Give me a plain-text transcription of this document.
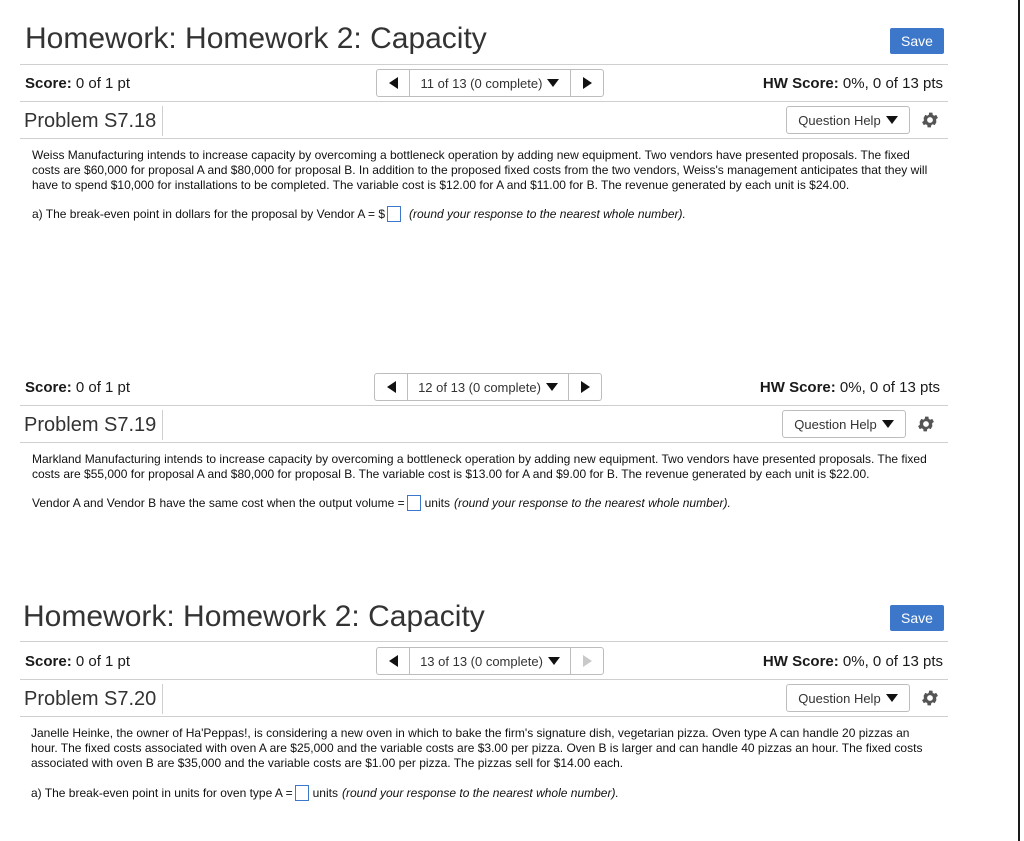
Homework: Homework 2: Capacity	Save
Score: 0 of 1 pt	11 of 13 (0 complete)	HW Score: 0%, 0 of 13 pts
Problem S7.18	Question Help
Weiss Manufacturing intends to increase capacity by overcoming a bottleneck operation by adding new equipment. Two vendors have presented proposals. The fixed costs are $60,000 for proposal A and $80,000 for proposal B. In addition to the proposed fixed costs from the two vendors, Weiss's management anticipates that they will have to spend $10,000 for installations to be completed. The variable cost is $12.00 for A and $11.00 for B. The revenue generated by each unit is $24.00.
a) The break-even point in dollars for the proposal by Vendor A = $ (round your response to the nearest whole number).
Score: 0 of 1 pt	12 of 13 (0 complete)	HW Score: 0%, 0 of 13 pts
Problem S7.19	Question Help
Markland Manufacturing intends to increase capacity by overcoming a bottleneck operation by adding new equipment. Two vendors have presented proposals. The fixed costs are $55,000 for proposal A and $80,000 for proposal B. The variable cost is $13.00 for A and $9.00 for B. The revenue generated by each unit is $22.00.
Vendor A and Vendor B have the same cost when the output volume = units (round your response to the nearest whole number).
Homework: Homework 2: Capacity	Save
Score: 0 of 1 pt	13 of 13 (0 complete)	HW Score: 0%, 0 of 13 pts
Problem S7.20	Question Help
Janelle Heinke, the owner of Ha'Peppas!, is considering a new oven in which to bake the firm's signature dish, vegetarian pizza. Oven type A can handle 20 pizzas an hour. The fixed costs associated with oven A are $25,000 and the variable costs are $3.00 per pizza. Oven B is larger and can handle 40 pizzas an hour. The fixed costs associated with oven B are $35,000 and the variable costs are $1.00 per pizza. The pizzas sell for $14.00 each.
a) The break-even point in units for oven type A = units (round your response to the nearest whole number).
